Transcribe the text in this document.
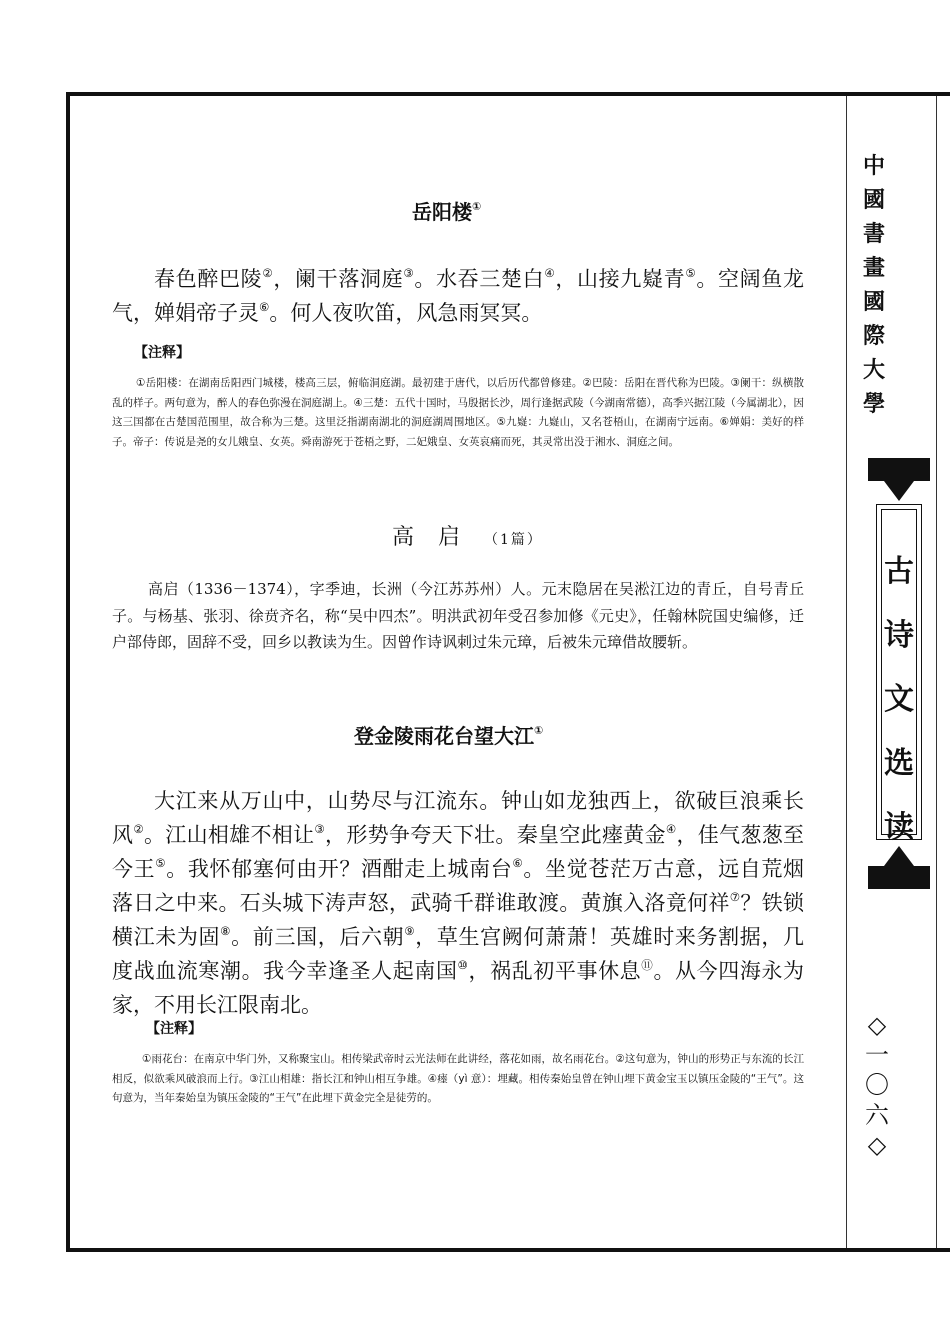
中
國
書
畫
國
際
大
學
古
诗
文
选
读
◇
一
〇
六
◇
岳阳楼①
春色醉巴陵②，阑干落洞庭③。水吞三楚白④，山接九嶷青⑤。空阔鱼龙气，婵娟帝子灵⑥。何人夜吹笛，风急雨冥冥。
【注释】
①岳阳楼：在湖南岳阳西门城楼，楼高三层，俯临洞庭湖。最初建于唐代，以后历代都曾修建。②巴陵：岳阳在晋代称为巴陵。③阑干：纵横散乱的样子。两句意为，醉人的春色弥漫在洞庭湖上。④三楚：五代十国时，马殷据长沙，周行逢据武陵（今湖南常德），高季兴据江陵（今属湖北），因这三国都在古楚国范围里，故合称为三楚。这里泛指湖南湖北的洞庭湖周围地区。⑤九嶷：九嶷山，又名苍梧山，在湖南宁远南。⑥婵娟：美好的样子。帝子：传说是尧的女儿娥皇、女英。舜南游死于苍梧之野，二妃娥皇、女英哀痛而死，其灵常出没于湘水、洞庭之间。
高启（1篇）
高启（1336－1374），字季迪，长洲（今江苏苏州）人。元末隐居在吴淞江边的青丘，自号青丘子。与杨基、张羽、徐贲齐名，称“吴中四杰”。明洪武初年受召参加修《元史》，任翰林院国史编修，迁户部侍郎，固辞不受，回乡以教读为生。因曾作诗讽刺过朱元璋，后被朱元璋借故腰斩。
登金陵雨花台望大江①
大江来从万山中，山势尽与江流东。钟山如龙独西上，欲破巨浪乘长风②。江山相雄不相让③，形势争夸天下壮。秦皇空此瘗黄金④，佳气葱葱至今王⑤。我怀郁塞何由开？酒酣走上城南台⑥。坐觉苍茫万古意，远自荒烟落日之中来。石头城下涛声怒，武骑千群谁敢渡。黄旗入洛竟何祥⑦？铁锁横江未为固⑧。前三国，后六朝⑨，草生宫阙何萧萧！英雄时来务割据，几度战血流寒潮。我今幸逢圣人起南国⑩，祸乱初平事休息⑪。从今四海永为家，不用长江限南北。
【注释】
①雨花台：在南京中华门外，又称聚宝山。相传梁武帝时云光法师在此讲经，落花如雨，故名雨花台。②这句意为，钟山的形势正与东流的长江相反，似欲乘风破浪而上行。③江山相雄：指长江和钟山相互争雄。④瘗（yì 意）：埋藏。相传秦始皇曾在钟山埋下黄金宝玉以镇压金陵的“王气”。这句意为，当年秦始皇为镇压金陵的“王气”在此埋下黄金完全是徒劳的。
